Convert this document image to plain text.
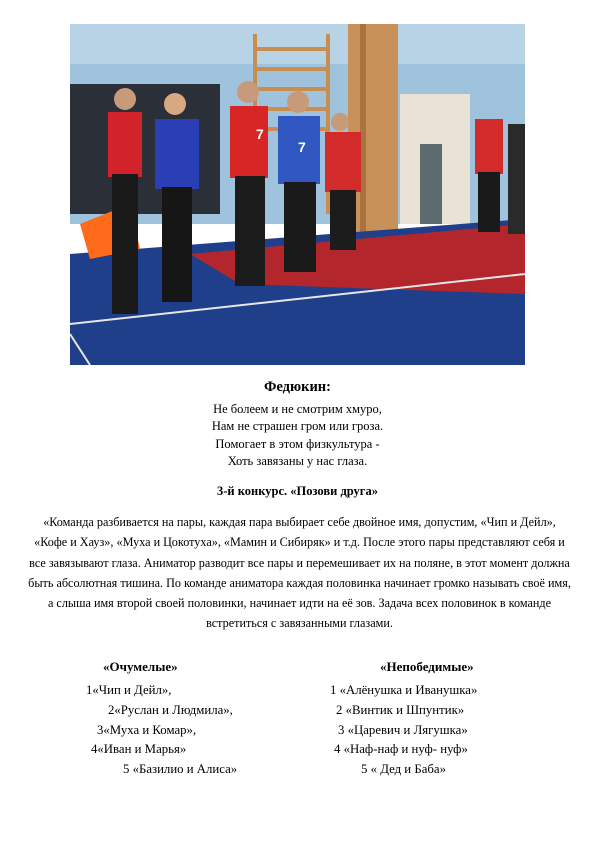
7
7
Федюкин:
Не болеем и не смотрим хмуро,
Нам не страшен гром или гроза.
Помогает в этом физкультура -
Хоть завязаны у нас глаза.
3-й конкурс. «Позови друга»
«Команда разбивается на пары, каждая пара выбирает себе двойное имя, допустим, «Чип и Дейл», «Кофе и Хауз», «Муха и Цокотуха», «Мамин и Сибиряк» и т.д. После этого пары представляют себя и все завязывают глаза. Аниматор разводит все пары и перемешивает их на поляне, в этот момент должна быть абсолютная тишина. По команде аниматора каждая половинка начинает громко называть своё имя, а слыша имя второй своей половинки, начинает идти на её зов. Задача всех половинок в команде встретиться с завязанными глазами.
«Очумелые»
1«Чип и Дейл»,
2«Руслан и Людмила»,
3«Муха и Комар»,
4«Иван и Марья»
5 «Базилио и Алиса»
«Непобедимые»
1 «Алёнушка и Иванушка»
2 «Винтик и Шпунтик»
3 «Царевич и Лягушка»
4 «Наф-наф и нуф- нуф»
5 « Дед и Баба»
